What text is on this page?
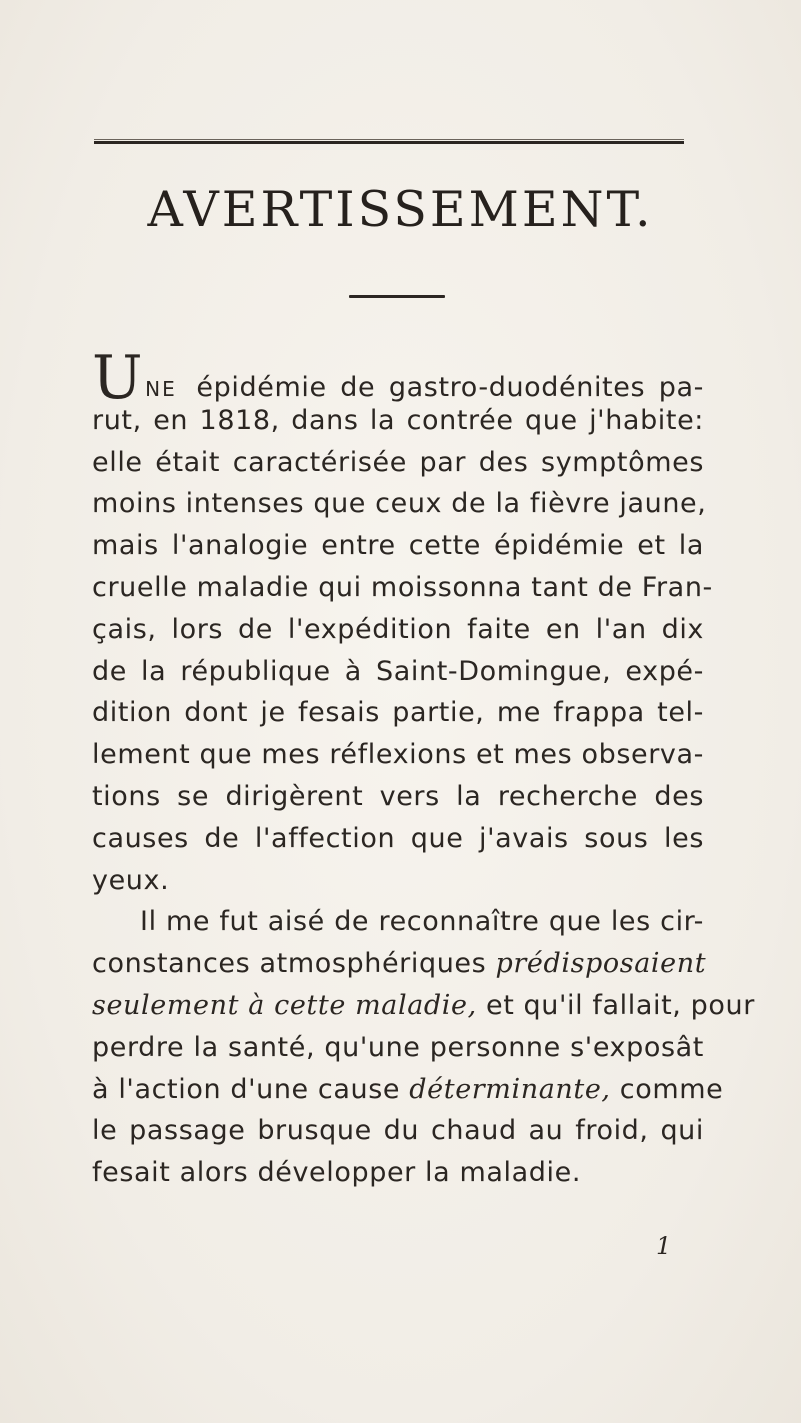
AVERTISSEMENT.
UNE épidémie de gastro-duodénites pa-
rut, en 1818, dans la contrée que j'habite:
elle était caractérisée par des symptômes
moins intenses que ceux de la fièvre jaune,
mais l'analogie entre cette épidémie et la
cruelle maladie qui moissonna tant de Fran-
çais, lors de l'expédition faite en l'an dix
de la république à Saint-Domingue, expé-
dition dont je fesais partie, me frappa tel-
lement que mes réflexions et mes observa-
tions se dirigèrent vers la recherche des
causes de l'affection que j'avais sous les
yeux.
Il me fut aisé de reconnaître que les cir-
constances atmosphériques prédisposaient
seulement à cette maladie, et qu'il fallait, pour
perdre la santé, qu'une personne s'exposât
à l'action d'une cause déterminante, comme
le passage brusque du chaud au froid, qui
fesait alors développer la maladie.
1
